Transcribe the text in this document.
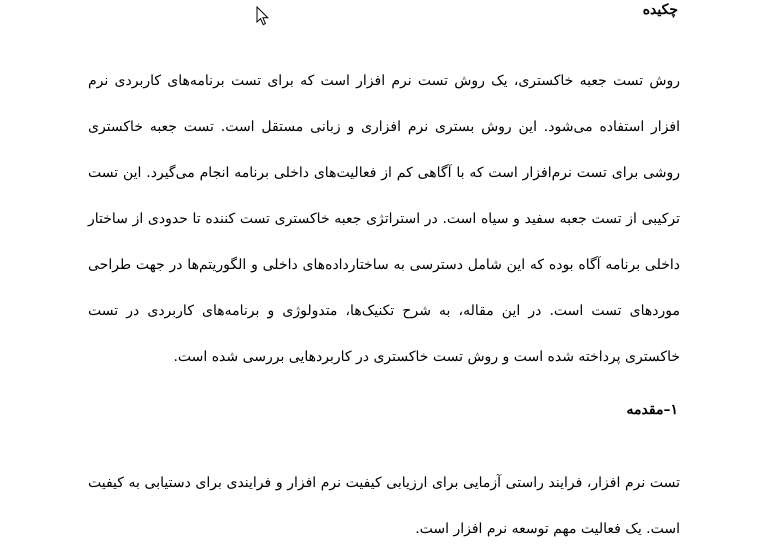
چکیده

روش تست جعبه خاکستری، یک روش تست نرم افزار است که برای تست برنامه‌های کاربردی نرم افزار استفاده می‌شود. این روش بستری نرم افزاری و زبانی مستقل است. تست جعبه خاکستری روشی برای تست نرم‌افزار است که با آگاهی کم از فعالیت‌های داخلی برنامه انجام می‌گیرد. این تست ترکیبی از تست جعبه سفید و سیاه است. در استراتژی جعبه خاکستری تست کننده تا حدودی از ساختار داخلی برنامه آگاه بوده که این شامل دسترسی به ساختارداده‌های داخلی و الگوریتم‌ها در جهت طراحی موردهای تست است. در این مقاله، به شرح تکنیک‌ها، متدولوژی و برنامه‌های کاربردی در تست خاکستری پرداخته شده است و روش تست خاکستری در کاربردهایی بررسی شده است.

۱–مقدمه

تست نرم افزار، فرایند راستی آزمایی برای ارزیابی کیفیت نرم افزار و فرایندی برای دستیابی به کیفیت است. یک فعالیت مهم توسعه نرم افزار است.
